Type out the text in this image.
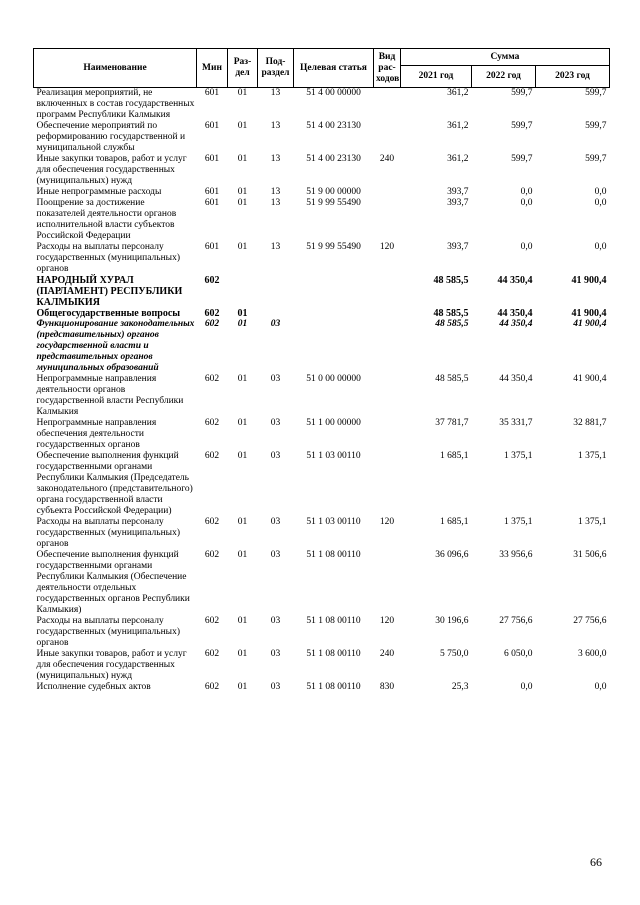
Наименование	Мин	Раз-дел	Под-раздел	Целевая статья	Вид рас-ходов	Сумма		
						2021 год	2022 год	2023 год
Реализация мероприятий, не включенных в состав государственных программ Республики Калмыкия	601	01	13	51 4 00 00000		361,2	599,7	599,7
Обеспечение мероприятий по реформированию государственной и муниципальной службы	601	01	13	51 4 00 23130		361,2	599,7	599,7
Иные закупки товаров, работ и услуг для обеспечения государственных (муниципальных) нужд	601	01	13	51 4 00 23130	240	361,2	599,7	599,7
Иные непрограммные расходы	601	01	13	51 9 00 00000		393,7	0,0	0,0
Поощрение за достижение показателей деятельности органов исполнительной власти субъектов Российской Федерации	601	01	13	51 9 99 55490		393,7	0,0	0,0
Расходы на выплаты персоналу государственных (муниципальных) органов	601	01	13	51 9 99 55490	120	393,7	0,0	0,0
НАРОДНЫЙ ХУРАЛ (ПАРЛАМЕНТ) РЕСПУБЛИКИ КАЛМЫКИЯ	602					48 585,5	44 350,4	41 900,4
Общегосударственные вопросы	602	01				48 585,5	44 350,4	41 900,4
Функционирование законодательных (представительных) органов государственной власти и представительных органов муниципальных образований	602	01	03			48 585,5	44 350,4	41 900,4
Непрограммные направления деятельности органов государственной власти Республики Калмыкия	602	01	03	51 0 00 00000		48 585,5	44 350,4	41 900,4
Непрограммные направления обеспечения деятельности государственных органов	602	01	03	51 1 00 00000		37 781,7	35 331,7	32 881,7
Обеспечение выполнения функций государственными органами Республики Калмыкия (Председатель законодательного (представительного) органа государственной власти субъекта Российской Федерации)	602	01	03	51 1 03 00110		1 685,1	1 375,1	1 375,1
Расходы на выплаты персоналу государственных (муниципальных) органов	602	01	03	51 1 03 00110	120	1 685,1	1 375,1	1 375,1
Обеспечение выполнения функций государственными органами Республики Калмыкия (Обеспечение деятельности отдельных государственных органов Республики Калмыкия)	602	01	03	51 1 08 00110		36 096,6	33 956,6	31 506,6
Расходы на выплаты персоналу государственных (муниципальных) органов	602	01	03	51 1 08 00110	120	30 196,6	27 756,6	27 756,6
Иные закупки товаров, работ и услуг для обеспечения государственных (муниципальных) нужд	602	01	03	51 1 08 00110	240	5 750,0	6 050,0	3 600,0
Исполнение судебных актов	602	01	03	51 1 08 00110	830	25,3	0,0	0,0
66
